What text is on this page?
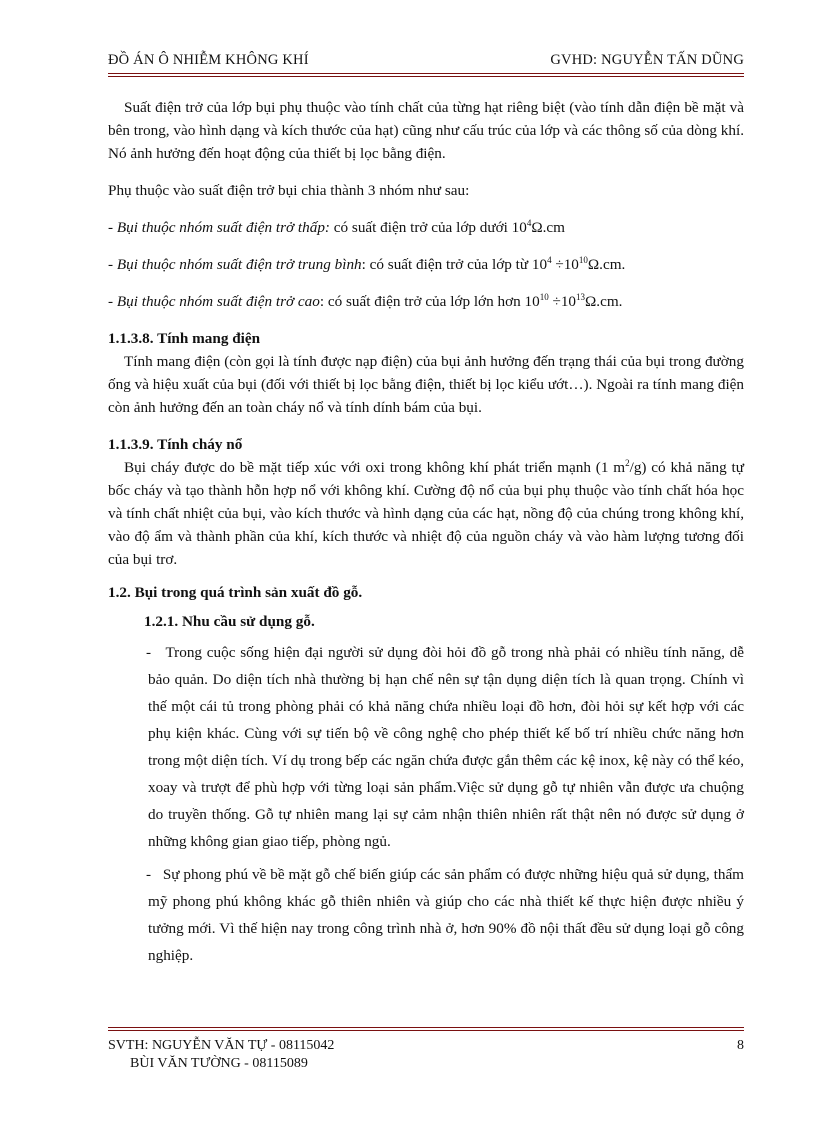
ĐỒ ÁN Ô NHIỄM KHÔNG KHÍ	GVHD: NGUYỄN TẤN DŨNG

Suất điện trở của lớp bụi phụ thuộc vào tính chất của từng hạt riêng biệt (vào tính dẫn điện bề mặt và bên trong, vào hình dạng và kích thước của hạt) cũng như cấu trúc của lớp và các thông số của dòng khí. Nó ảnh hưởng đến hoạt động của thiết bị lọc bằng điện.

Phụ thuộc vào suất điện trở bụi chia thành 3 nhóm như sau:

- Bụi thuộc nhóm suất điện trở thấp: có suất điện trở của lớp dưới $10^4\Omega.cm$

- Bụi thuộc nhóm suất điện trở trung bình: có suất điện trở của lớp từ $10^4 \div 10^{10}\Omega.cm$.

- Bụi thuộc nhóm suất điện trở cao: có suất điện trở của lớp lớn hơn $10^{10} \div 10^{13}\Omega.cm$.

1.1.3.8. Tính mang điện

Tính mang điện (còn gọi là tính được nạp điện) của bụi ảnh hưởng đến trạng thái của bụi trong đường ống và hiệu xuất của bụi (đối với thiết bị lọc bằng điện, thiết bị lọc kiểu ướt…). Ngoài ra tính mang điện còn ảnh hưởng đến an toàn cháy nổ và tính dính bám của bụi.

1.1.3.9. Tính cháy nổ

Bụi cháy được do bề mặt tiếp xúc với oxi trong không khí phát triển mạnh (1 $m^2/g$) có khả năng tự bốc cháy và tạo thành hỗn hợp nổ với không khí. Cường độ nổ của bụi phụ thuộc vào tính chất hóa học và tính chất nhiệt của bụi, vào kích thước và hình dạng của các hạt, nồng độ của chúng trong không khí, vào độ ẩm và thành phần của khí, kích thước và nhiệt độ của nguồn cháy và vào hàm lượng tương đối của bụi trơ.

1.2. Bụi trong quá trình sản xuất đồ gỗ.

1.2.1. Nhu cầu sử dụng gỗ.

-   Trong cuộc sống hiện đại người sử dụng đòi hỏi đồ gỗ trong nhà phải có nhiều tính năng, dễ bảo quản. Do diện tích nhà thường bị hạn chế nên sự tận dụng diện tích là quan trọng. Chính vì thế một cái tủ trong phòng phải có khả năng chứa nhiều loại đồ hơn, đòi hỏi sự kết hợp với các phụ kiện khác. Cùng với sự tiến bộ về công nghệ cho phép thiết kế bố trí nhiều chức năng hơn trong một diện tích. Ví dụ trong bếp các ngăn chứa được gắn thêm các kệ inox, kệ này có thể kéo, xoay và trượt để phù hợp với từng loại sản phẩm.Việc sử dụng gỗ tự nhiên vẫn được ưa chuộng do truyền thống. Gỗ tự nhiên mang lại sự cảm nhận thiên nhiên rất thật nên nó được sử dụng ở những không gian giao tiếp, phòng ngủ.

-   Sự phong phú về bề mặt gỗ chế biến giúp các sản phẩm có được những hiệu quả sử dụng, thẩm mỹ phong phú không khác gỗ thiên nhiên và giúp cho các nhà thiết kế thực hiện được nhiều ý tưởng mới. Vì thế hiện nay trong công trình nhà ở, hơn 90% đồ nội thất đều sử dụng loại gỗ công nghiệp.

SVTH: NGUYỄN VĂN TỰ - 08115042	8
BÙI VĂN TƯỜNG - 08115089
